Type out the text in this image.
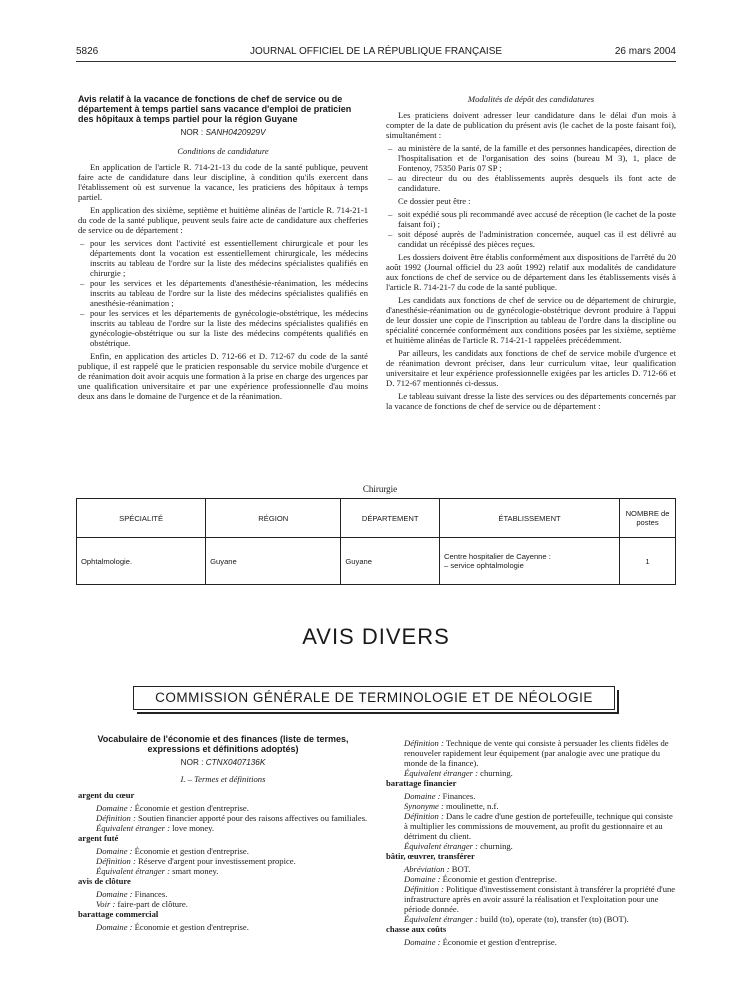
5826	JOURNAL OFFICIEL DE LA RÉPUBLIQUE FRANÇAISE	26 mars 2004
Avis relatif à la vacance de fonctions de chef de service ou de département à temps partiel sans vacance d'emploi de praticien des hôpitaux à temps partiel pour la région Guyane
NOR : SANH0420929V
Conditions de candidature

En application de l'article R. 714-21-13 du code de la santé publique, peuvent faire acte de candidature dans leur discipline, à condition qu'ils exercent dans l'établissement où est survenue la vacance, les praticiens des hôpitaux à temps partiel.

En application des sixième, septième et huitième alinéas de l'article R. 714-21-1 du code de la santé publique, peuvent seuls faire acte de candidature aux chefferies de service ou de département :

– pour les services dont l'activité est essentiellement chirurgicale et pour les départements dont la vocation est essentiellement chirurgicale, les médecins inscrits au tableau de l'ordre sur la liste des médecins spécialistes qualifiés en chirurgie ;
– pour les services et les départements d'anesthésie-réanimation, les médecins inscrits au tableau de l'ordre sur la liste des médecins spécialistes qualifiés en anesthésie-réanimation ;
– pour les services et les départements de gynécologie-obstétrique, les médecins inscrits au tableau de l'ordre sur la liste des médecins spécialistes qualifiés en gynécologie-obstétrique ou sur la liste des médecins compétents qualifiés en obstétrique.

Enfin, en application des articles D. 712-66 et D. 712-67 du code de la santé publique, il est rappelé que le praticien responsable du service mobile d'urgence et de réanimation doit avoir acquis une formation à la prise en charge des urgences par une qualification universitaire et par une expérience professionnelle d'au moins deux ans dans le domaine de l'urgence et de la réanimation.

Modalités de dépôt des candidatures

Les praticiens doivent adresser leur candidature dans le délai d'un mois à compter de la date de publication du présent avis (le cachet de la poste faisant foi), simultanément :

– au ministère de la santé, de la famille et des personnes handicapées, direction de l'hospitalisation et de l'organisation des soins (bureau M 3), 1, place de Fontenoy, 75350 Paris 07 SP ;
– au directeur du ou des établissements auprès desquels ils font acte de candidature.

Ce dossier peut être :

– soit expédié sous pli recommandé avec accusé de réception (le cachet de la poste faisant foi) ;
– soit déposé auprès de l'administration concernée, auquel cas il est délivré au candidat un récépissé des pièces reçues.

Les dossiers doivent être établis conformément aux dispositions de l'arrêté du 20 août 1992 (Journal officiel du 23 août 1992) relatif aux modalités de candidature aux fonctions de chef de service ou de département dans les établissements visés à l'article R. 714-21-7 du code de la santé publique.

Les candidats aux fonctions de chef de service ou de département de chirurgie, d'anesthésie-réanimation ou de gynécologie-obstétrique devront produire à l'appui de leur dossier une copie de l'inscription au tableau de l'ordre dans la discipline ou spécialité concernée conformément aux conditions posées par les sixième, septième et huitième alinéas de l'article R. 714-21-1 rappelées précédemment.

Par ailleurs, les candidats aux fonctions de chef de service mobile d'urgence et de réanimation devront préciser, dans leur curriculum vitae, leur qualification universitaire et leur expérience professionnelle exigées par les articles D. 712-66 et D. 712-67 mentionnés ci-dessus.

Le tableau suivant dresse la liste des services ou des départements concernés par la vacance de fonctions de chef de service ou de département :

Chirurgie
SPÉCIALITÉ	RÉGION	DÉPARTEMENT	ÉTABLISSEMENT	NOMBRE de postes
Ophtalmologie.	Guyane	Guyane	Centre hospitalier de Cayenne :
– service ophtalmologie	1
AVIS DIVERS
COMMISSION GÉNÉRALE DE TERMINOLOGIE ET DE NÉOLOGIE
Vocabulaire de l'économie et des finances (liste de termes, expressions et définitions adoptés)
NOR : CTNX0407136K
I. – Termes et définitions

argent du cœur

Domaine : Économie et gestion d'entreprise.

Définition : Soutien financier apporté pour des raisons affectives ou familiales.

Équivalent étranger : love money.

argent futé

Domaine : Économie et gestion d'entreprise.

Définition : Réserve d'argent pour investissement propice.

Équivalent étranger : smart money.

avis de clôture

Domaine : Finances.

Voir : faire-part de clôture.

barattage commercial

Domaine : Économie et gestion d'entreprise.

Définition : Technique de vente qui consiste à persuader les clients fidèles de renouveler rapidement leur équipement (par analogie avec une pratique du monde de la finance).

Équivalent étranger : churning.

barattage financier

Domaine : Finances.

Synonyme : moulinette, n.f.

Définition : Dans le cadre d'une gestion de portefeuille, technique qui consiste à multiplier les commissions de mouvement, au profit du gestionnaire et au détriment du client.

Équivalent étranger : churning.

bâtir, œuvrer, transférer

Abréviation : BOT.

Domaine : Économie et gestion d'entreprise.

Définition : Politique d'investissement consistant à transférer la propriété d'une infrastructure après en avoir assuré la réalisation et l'exploitation pour une période donnée.

Équivalent étranger : build (to), operate (to), transfer (to) (BOT).

chasse aux coûts

Domaine : Économie et gestion d'entreprise.
